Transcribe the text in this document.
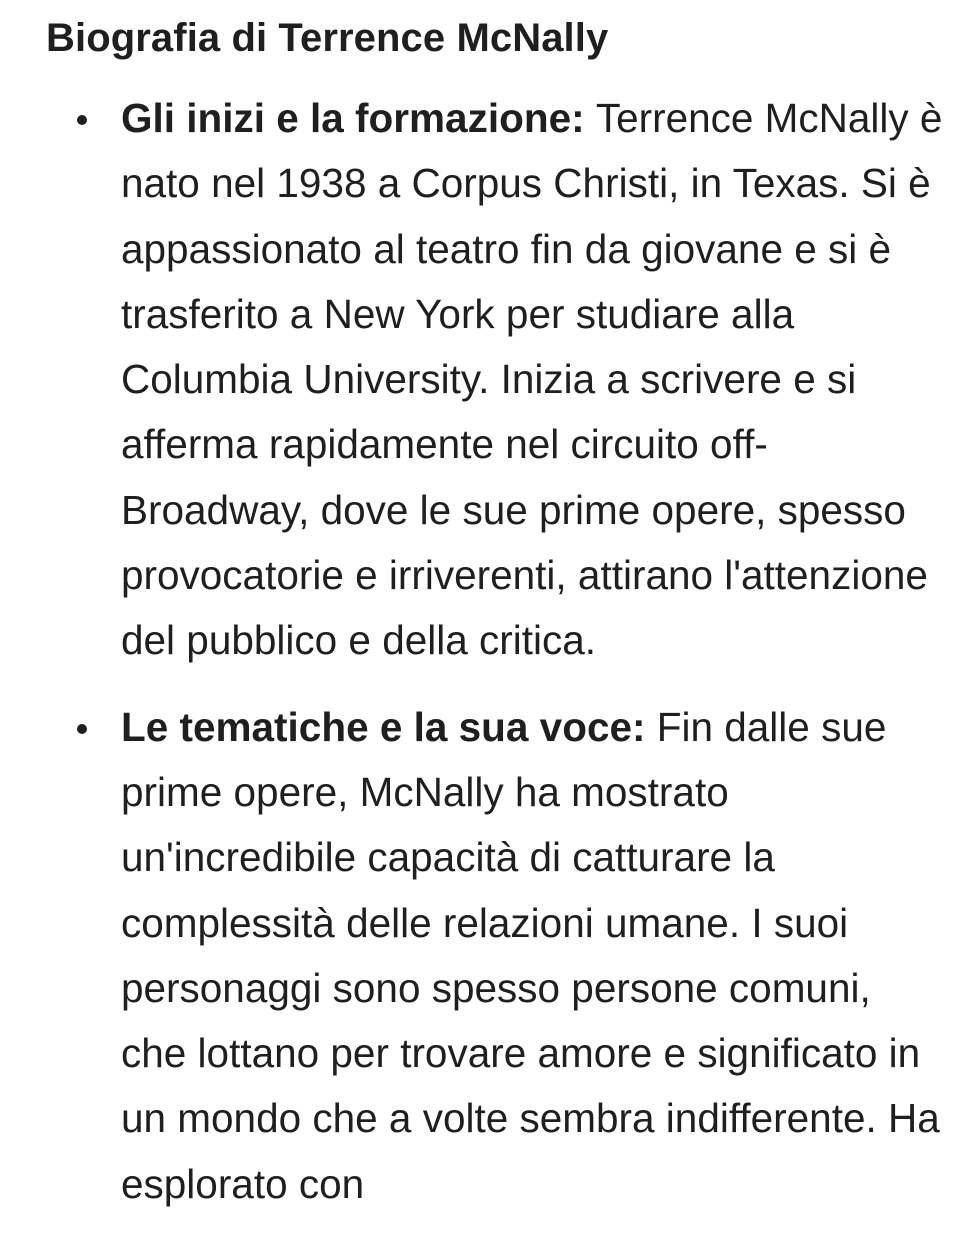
Biografia di Terrence McNally
Gli inizi e la formazione: Terrence McNally è nato nel 1938 a Corpus Christi, in Texas. Si è appassionato al teatro fin da giovane e si è trasferito a New York per studiare alla Columbia University. Inizia a scrivere e si afferma rapidamente nel circuito off-Broadway, dove le sue prime opere, spesso provocatorie e irriverenti, attirano l'attenzione del pubblico e della critica.
Le tematiche e la sua voce: Fin dalle sue prime opere, McNally ha mostrato un'incredibile capacità di catturare la complessità delle relazioni umane. I suoi personaggi sono spesso persone comuni, che lottano per trovare amore e significato in un mondo che a volte sembra indifferente. Ha esplorato con
